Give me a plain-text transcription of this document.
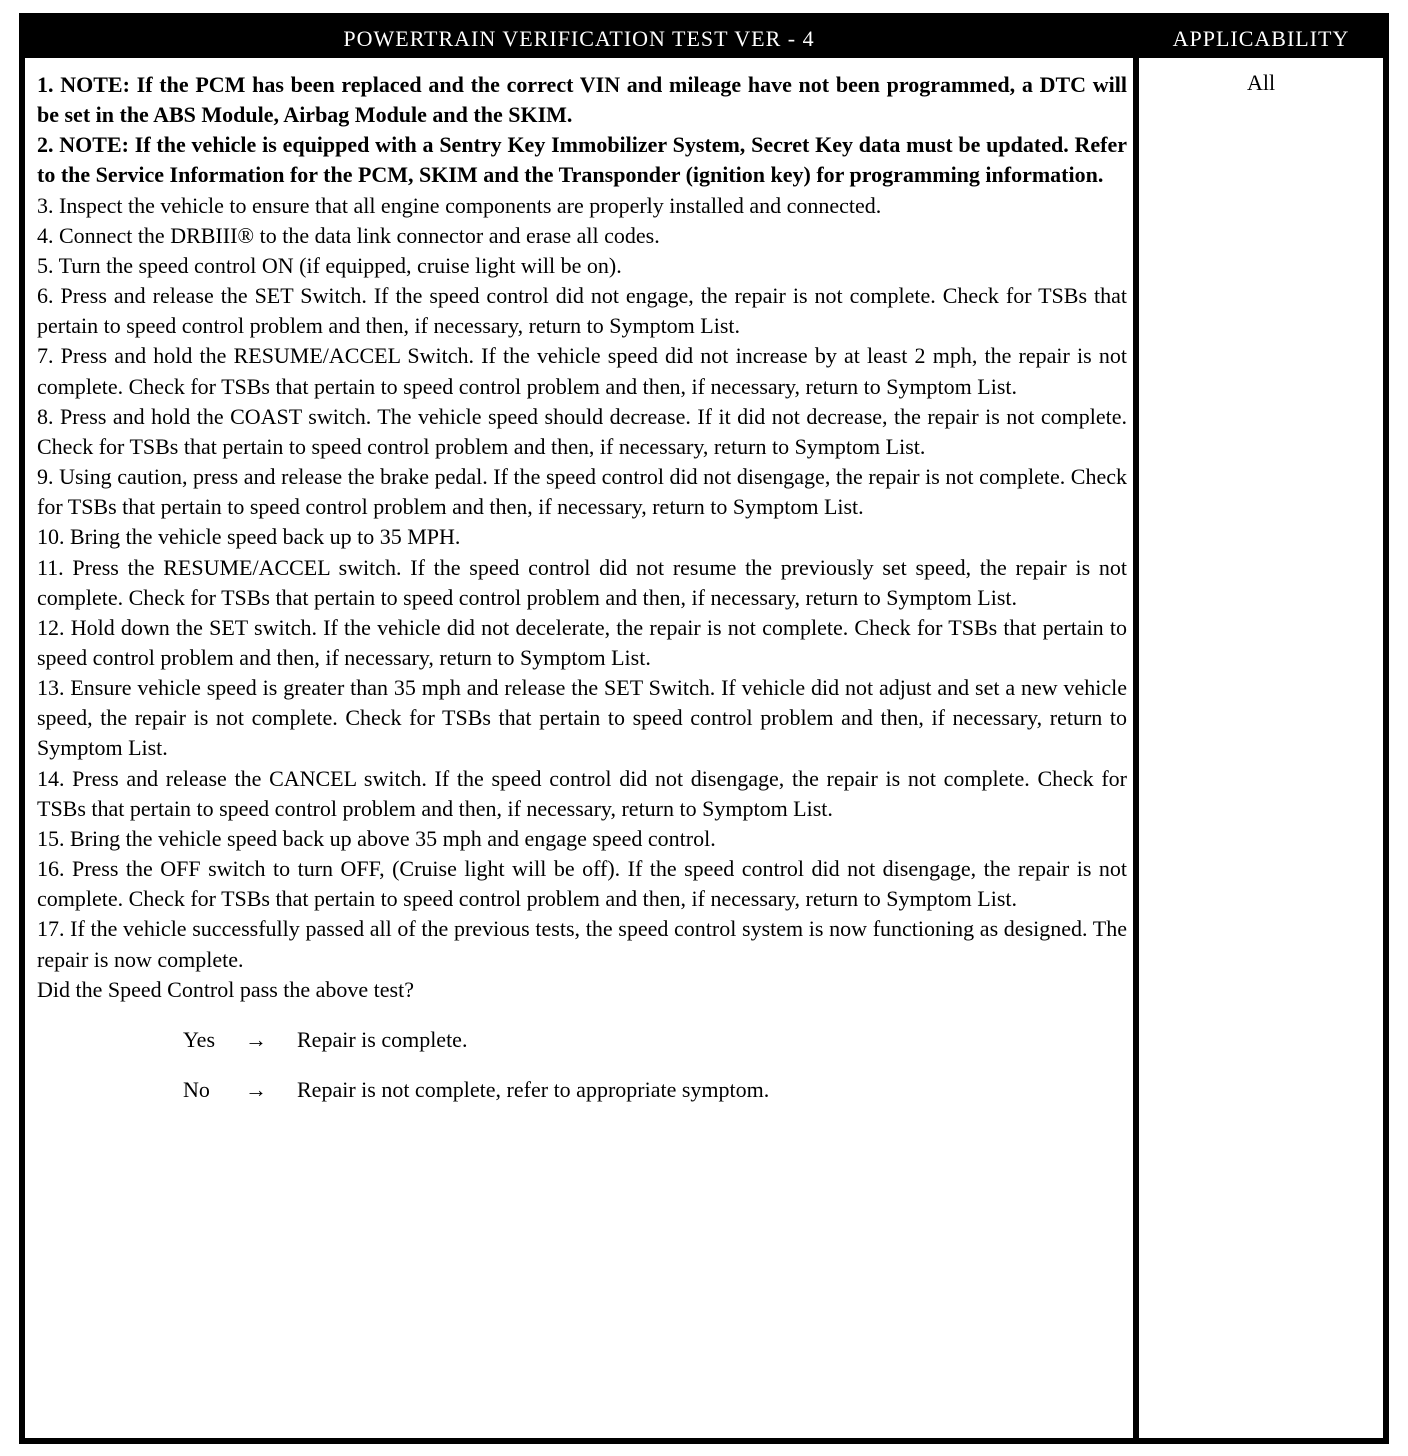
POWERTRAIN VERIFICATION TEST VER - 4	APPLICABILITY

1. NOTE: If the PCM has been replaced and the correct VIN and mileage have not been programmed, a DTC will be set in the ABS Module, Airbag Module and the SKIM.

2. NOTE: If the vehicle is equipped with a Sentry Key Immobilizer System, Secret Key data must be updated. Refer to the Service Information for the PCM, SKIM and the Transponder (ignition key) for programming information.

3. Inspect the vehicle to ensure that all engine components are properly installed and connected.

4. Connect the DRBIII® to the data link connector and erase all codes.

5. Turn the speed control ON (if equipped, cruise light will be on).

6. Press and release the SET Switch. If the speed control did not engage, the repair is not complete. Check for TSBs that pertain to speed control problem and then, if necessary, return to Symptom List.

7. Press and hold the RESUME/ACCEL Switch. If the vehicle speed did not increase by at least 2 mph, the repair is not complete. Check for TSBs that pertain to speed control problem and then, if necessary, return to Symptom List.

8. Press and hold the COAST switch. The vehicle speed should decrease. If it did not decrease, the repair is not complete. Check for TSBs that pertain to speed control problem and then, if necessary, return to Symptom List.

9. Using caution, press and release the brake pedal. If the speed control did not disengage, the repair is not complete. Check for TSBs that pertain to speed control problem and then, if necessary, return to Symptom List.

10. Bring the vehicle speed back up to 35 MPH.

11. Press the RESUME/ACCEL switch. If the speed control did not resume the previously set speed, the repair is not complete. Check for TSBs that pertain to speed control problem and then, if necessary, return to Symptom List.

12. Hold down the SET switch. If the vehicle did not decelerate, the repair is not complete. Check for TSBs that pertain to speed control problem and then, if necessary, return to Symptom List.

13. Ensure vehicle speed is greater than 35 mph and release the SET Switch. If vehicle did not adjust and set a new vehicle speed, the repair is not complete. Check for TSBs that pertain to speed control problem and then, if necessary, return to Symptom List.

14. Press and release the CANCEL switch. If the speed control did not disengage, the repair is not complete. Check for TSBs that pertain to speed control problem and then, if necessary, return to Symptom List.

15. Bring the vehicle speed back up above 35 mph and engage speed control.

16. Press the OFF switch to turn OFF, (Cruise light will be off). If the speed control did not disengage, the repair is not complete. Check for TSBs that pertain to speed control problem and then, if necessary, return to Symptom List.

17. If the vehicle successfully passed all of the previous tests, the speed control system is now functioning as designed. The repair is now complete.

Did the Speed Control pass the above test?

Yes → Repair is complete.
No → Repair is not complete, refer to appropriate symptom.
All
